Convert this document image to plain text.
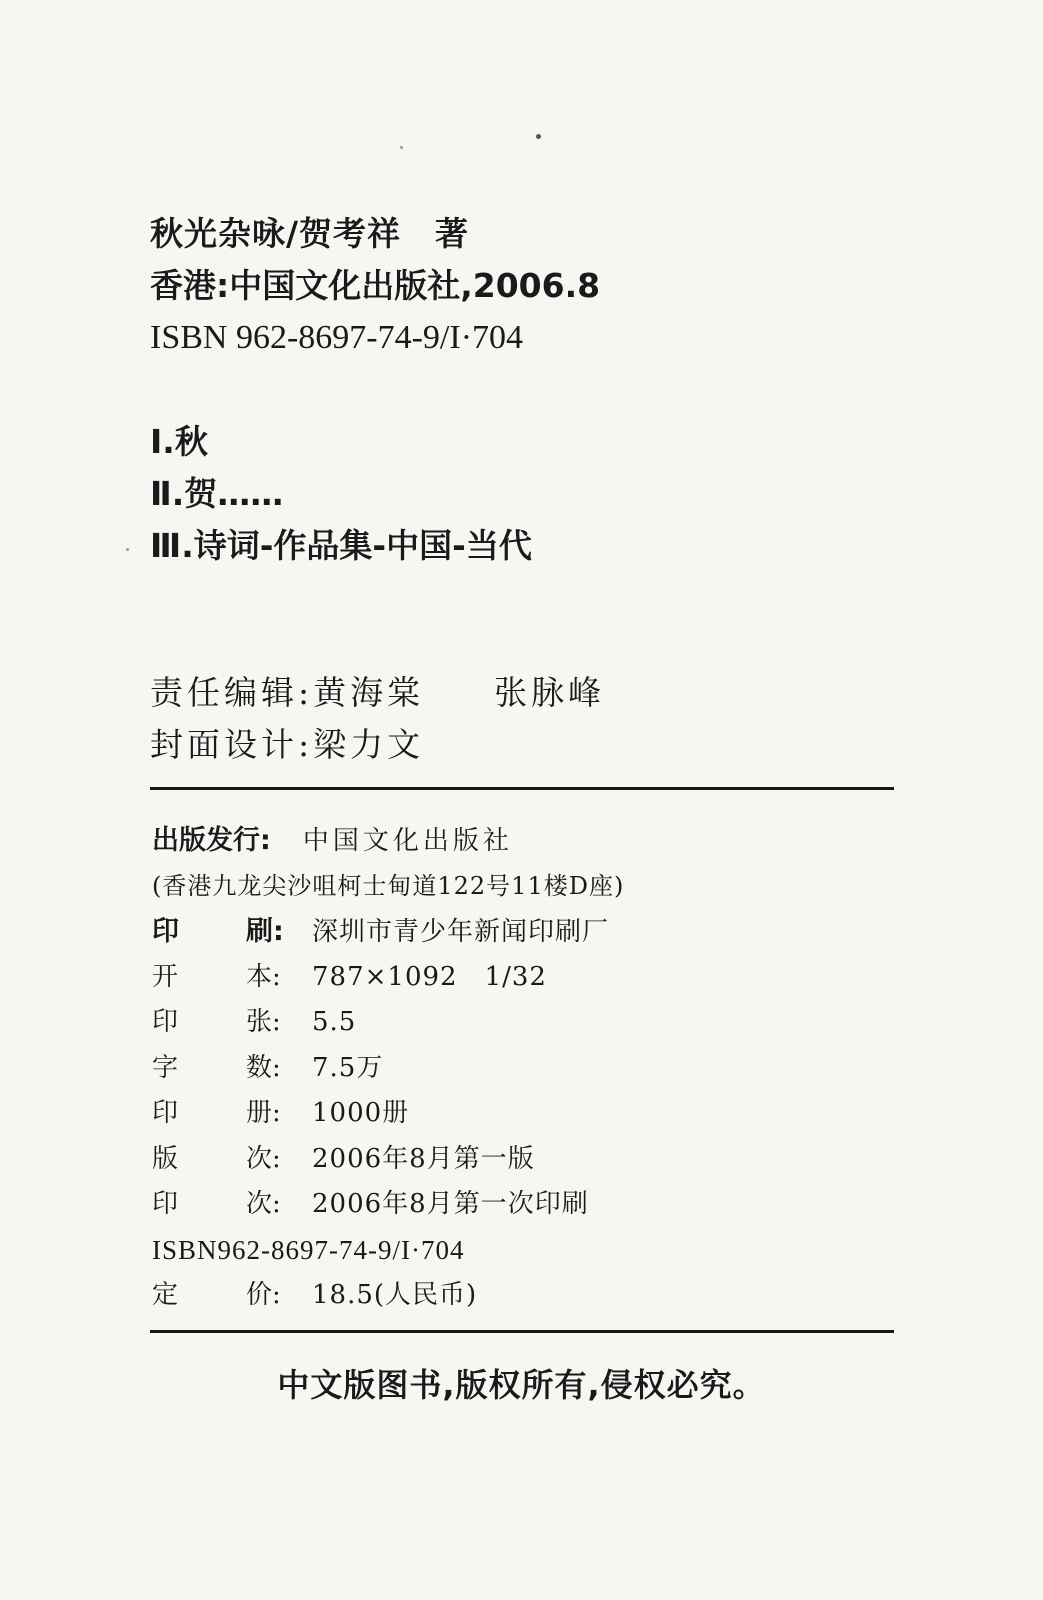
秋光杂咏/贺考祥　著
香港:中国文化出版社,2006.8
ISBN 962-8697-74-9/I·704
Ⅰ.秋
Ⅱ.贺……
Ⅲ.诗词-作品集-中国-当代
责任编辑:黄海棠 张脉峰
封面设计:梁力文
出版发行: 中国文化出版社
(香港九龙尖沙咀柯士甸道122号11楼D座)
印 刷: 深圳市青少年新闻印刷厂
开	本: 787×1092　1/32
印	张: 5.5
字	数: 7.5万
印	册: 1000册
版	次: 2006年8月第一版
印	次: 2006年8月第一次印刷
ISBN962-8697-74-9/I·704
定	价: 18.5(人民币)
中文版图书,版权所有,侵权必究。
